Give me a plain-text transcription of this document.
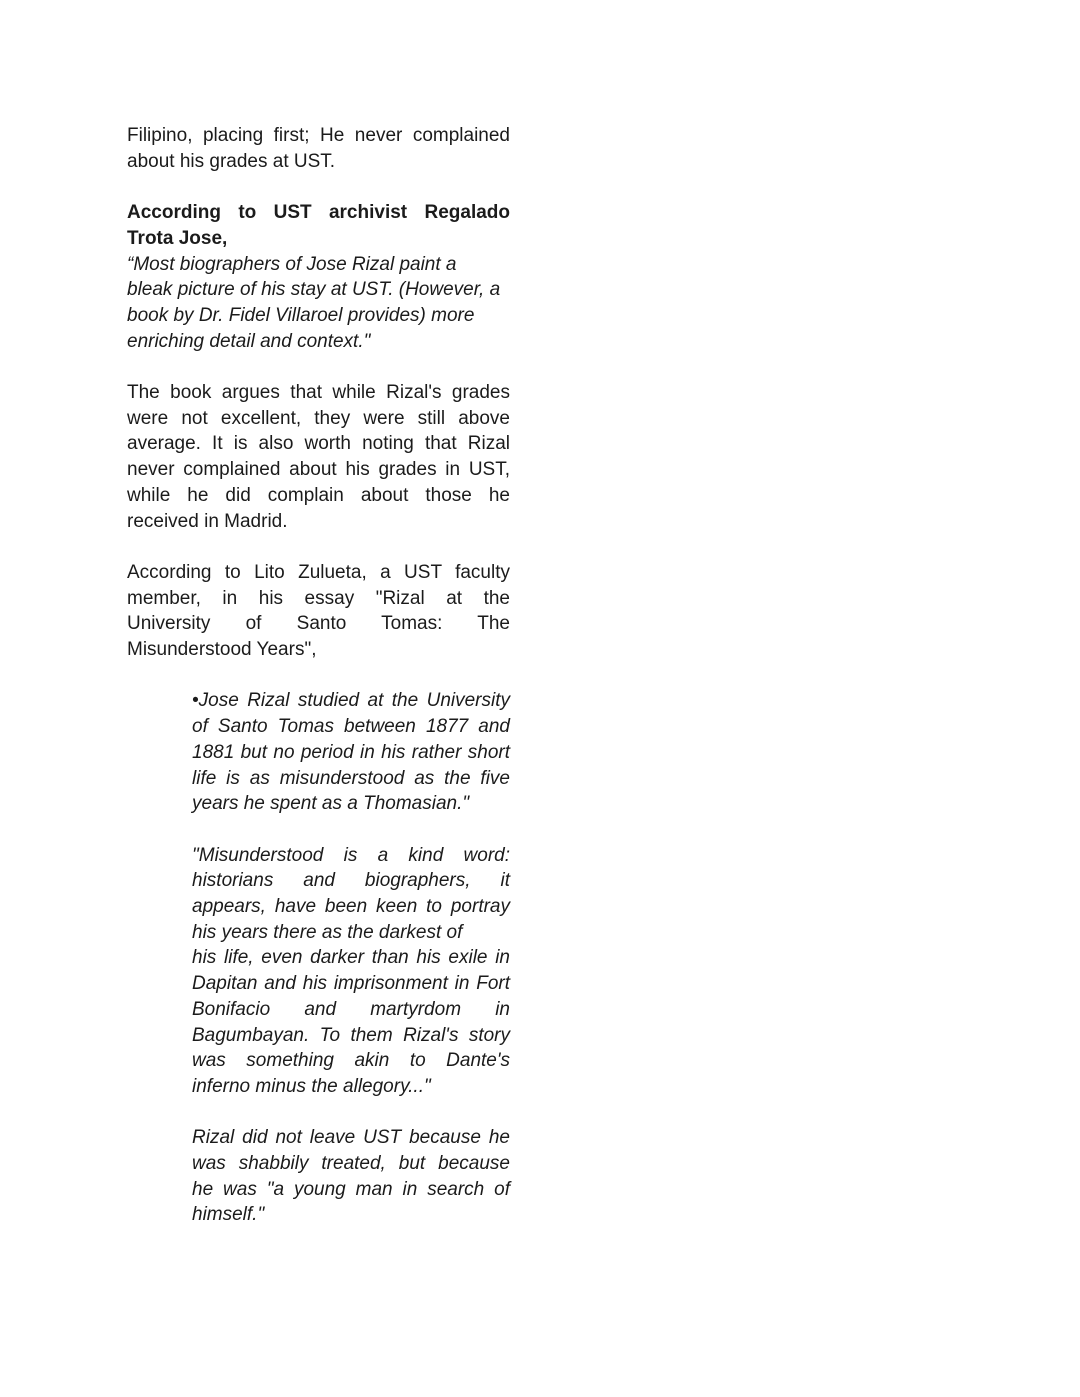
Filipino, placing first; He never complained
about his grades at UST.
According to UST archivist Regalado
Trota Jose,
“Most biographers of Jose Rizal paint a
bleak picture of his stay at UST. (However, a
book by Dr. Fidel Villaroel provides) more
enriching detail and context."
The book argues that while Rizal's grades
were not excellent, they were still above
average. It is also worth noting that Rizal
never complained about his grades in UST,
while he did complain about those he
received in Madrid.
According to Lito Zulueta, a UST faculty
member, in his essay "Rizal at the
University of Santo Tomas: The
Misunderstood Years",
•Jose Rizal studied at the University
of Santo Tomas between 1877 and
1881 but no period in his rather short
life is as misunderstood as the five
years he spent as a Thomasian."
"Misunderstood is a kind word:
historians and biographers, it
appears, have been keen to portray
his years there as the darkest of
his life, even darker than his exile in
Dapitan and his imprisonment in Fort
Bonifacio and martyrdom in
Bagumbayan. To them Rizal's story
was something akin to Dante's
inferno minus the allegory..."
Rizal did not leave UST because he
was shabbily treated, but because
he was "a young man in search of
himself."
